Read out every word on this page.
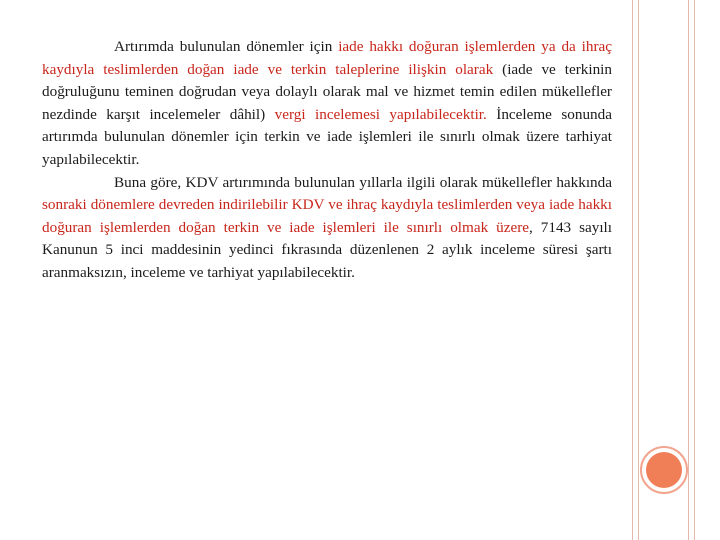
Artırımda bulunulan dönemler için iade hakkı doğuran işlemlerden ya da ihraç kaydıyla teslimlerden doğan iade ve terkin taleplerine ilişkin olarak (iade ve terkinin doğruluğunu teminen doğrudan veya dolaylı olarak mal ve hizmet temin edilen mükellefler nezdinde karşıt incelemeler dâhil) vergi incelemesi yapılabilecektir. İnceleme sonunda artırımda bulunulan dönemler için terkin ve iade işlemleri ile sınırlı olmak üzere tarhiyat yapılabilecektir.

Buna göre, KDV artırımında bulunulan yıllarla ilgili olarak mükellefler hakkında sonraki dönemlere devreden indirilebilir KDV ve ihraç kaydıyla teslimlerden veya iade hakkı doğuran işlemlerden doğan terkin ve iade işlemleri ile sınırlı olmak üzere, 7143 sayılı Kanunun 5 inci maddesinin yedinci fıkrasında düzenlenen 2 aylık inceleme süresi şartı aranmaksızın, inceleme ve tarhiyat yapılabilecektir.
